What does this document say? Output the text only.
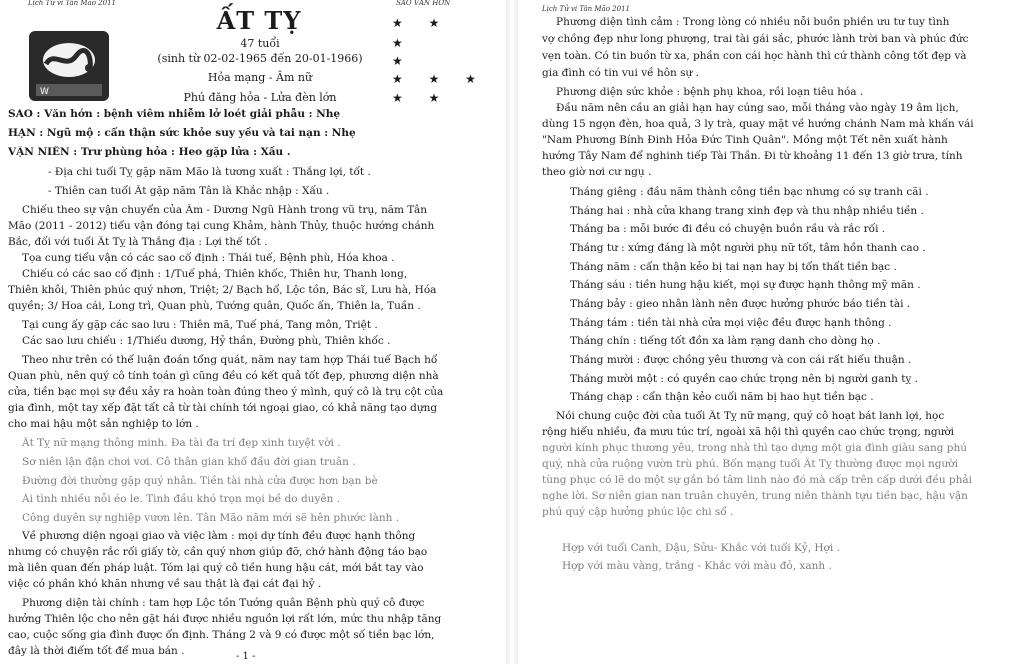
Lịch Tử vi Tân Mão 2011	SAO VĂN HỚN
W
ẤT TỴ
47 tuổi
(sinh từ 02-02-1965 đến 20-01-1966)
Hỏa mạng - Âm nữ
Phú đăng hỏa - Lửa đèn lớn
★ ★
★
★
★ ★ ★
★ ★
SAO : Văn hớn : bệnh viêm nhiễm lở loét giải phẫu : Nhẹ
HẠN : Ngũ mộ : cẩn thận sức khỏe suy yếu và tai nạn : Nhẹ
VẬN NIÊN : Trư phùng hỏa : Heo gặp lửa : Xấu .
- Địa chi tuổi Tỵ gặp năm Mão là tương xuất : Thắng lợi, tốt .
- Thiên can tuổi Ất gặp năm Tân là Khắc nhập : Xấu .
Chiếu theo sự vận chuyển của Âm - Dương Ngũ Hành trong vũ trụ, năm Tân
Mão (2011 - 2012) tiểu vận đóng tại cung Khảm, hành Thủy, thuộc hướng chánh
Bắc, đối với tuổi Ất Tỵ là Thắng địa : Lợi thế tốt .
Tọa cung tiểu vận có các sao cố định : Thái tuế, Bệnh phù, Hóa khoa .
Chiếu có các sao cố định : 1/Tuế phá, Thiên khốc, Thiên hư, Thanh long,
Thiên khôi, Thiên phúc quý nhơn, Triệt; 2/ Bạch hổ, Lộc tồn, Bác sĩ, Lưu hà, Hóa
quyền; 3/ Hoa cái, Long trì, Quan phù, Tướng quân, Quốc ấn, Thiên la, Tuần .
Tại cung ấy gặp các sao lưu : Thiên mã, Tuế phá, Tang môn, Triệt .
Các sao lưu chiếu : 1/Thiếu dương, Hỷ thần, Đường phù, Thiên khốc .
Theo như trên có thể luận đoán tổng quát, năm nay tam hợp Thái tuế Bạch hổ
Quan phù, nên quý cô tính toán gì cũng đều có kết quả tốt đẹp, phương diện nhà
cửa, tiền bạc mọi sự đều xảy ra hoàn toàn đúng theo ý mình, quý cô là trụ cột của
gia đình, một tay xếp đặt tất cả từ tài chính tới ngoại giao, có khả năng tạo dựng
cho mai hậu một sản nghiệp to lớn .
Ất Tỵ nữ mạng thông minh. Đa tài đa trí đẹp xinh tuyệt vời .
Sơ niên lận đận chơi vơi. Cô thân gian khổ đầu đời gian truân .
Đường đời thường gặp quý nhân. Tiền tài nhà cửa được hơn bạn bè
Ái tình nhiều nỗi éo le. Tình đầu khó trọn mọi bề do duyên .
Công duyên sự nghiệp vươn lên. Tân Mão năm mới sẽ hên phước lành .
Về phương diện ngoại giao và việc làm : mọi dự tính đều được hạnh thông
nhưng có chuyện rắc rối giấy tờ, cần quý nhơn giúp đỡ, chớ hành động táo bạo
mà liên quan đến pháp luật. Tóm lại quý cô tiền hung hậu cát, mới bắt tay vào
việc có phần khó khăn nhưng về sau thật là đại cát đại hỷ .
Phương diện tài chính : tam hợp Lộc tồn Tướng quân Bệnh phù quý cô được
hưởng Thiên lộc cho nên gặt hái được nhiều nguồn lợi rất lớn, mức thu nhập tăng
cao, cuộc sống gia đình được ổn định. Tháng 2 và 9 có được một số tiền bạc lớn,
đây là thời điểm tốt để mua bán .	- 1 -
Lịch Tử vi Tân Mão 2011
Phương diện tình cảm : Trong lòng có nhiều nỗi buồn phiền ưu tư tuy tình
vợ chồng đẹp như long phượng, trai tài gái sắc, phước lành trời ban và phúc đức
vẹn toàn. Có tin buồn từ xa, phần con cái học hành thì cứ thành công tốt đẹp và
gia đình có tin vui về hôn sự .
Phương diện sức khỏe : bệnh phụ khoa, rồi loạn tiêu hóa .
Đầu năm nên cầu an giải hạn hay cúng sao, mỗi tháng vào ngày 19 âm lịch,
dùng 15 ngọn đèn, hoa quả, 3 ly trà, quay mặt về hướng chánh Nam mà khấn vái
"Nam Phương Bính Đinh Hỏa Đức Tinh Quân". Mồng một Tết nên xuất hành
hướng Tây Nam để nghinh tiếp Tài Thần. Đi từ khoảng 11 đến 13 giờ trưa, tính
theo giờ nơi cư ngụ .
Tháng giêng : đầu năm thành công tiền bạc nhưng có sự tranh cãi .
Tháng hai : nhà cửa khang trang xinh đẹp và thu nhập nhiều tiền .
Tháng ba : mỗi bước đi đều có chuyện buồn rầu và rắc rối .
Tháng tư : xứng đáng là một người phụ nữ tốt, tâm hồn thanh cao .
Tháng năm : cẩn thận kẻo bị tai nạn hay bị tổn thất tiền bạc .
Tháng sáu : tiền hung hậu kiết, mọi sự được hạnh thông mỹ mãn .
Tháng bảy : gieo nhân lành nên được hưởng phước báo tiền tài .
Tháng tám : tiền tài nhà cửa mọi việc đều được hạnh thông .
Tháng chín : tiếng tốt đồn xa làm rạng danh cho dòng họ .
Tháng mười : được chồng yêu thương và con cái rất hiếu thuận .
Tháng mười một : có quyền cao chức trọng nên bị người ganh tỵ .
Tháng chạp : cẩn thận kẻo cuối năm bị hao hụt tiền bạc .
Nói chung cuộc đời của tuổi Ất Tỵ nữ mạng, quý cô hoạt bát lanh lợi, học
rộng hiểu nhiều, đa mưu túc trí, ngoài xã hội thì quyền cao chức trọng, người
người kính phục thương yêu, trong nhà thì tạo dựng một gia đình giàu sang phú
quý, nhà cửa ruộng vườn trù phú. Bốn mạng tuổi Ất Tỵ thường được mọi người
tùng phục có lẽ do một sự gắn bó tâm linh nào đó mà cấp trên cấp dưới đều phải
nghe lời. Sơ niên gian nan truân chuyên, trung niên thành tựu tiền bạc, hậu vận
phú quý cập hưởng phúc lộc chi sổ .
Hợp với tuổi Canh, Dậu, Sửu- Khắc với tuổi Kỷ, Hợi .
Hợp với màu vàng, trắng - Khắc với màu đỏ, xanh .
